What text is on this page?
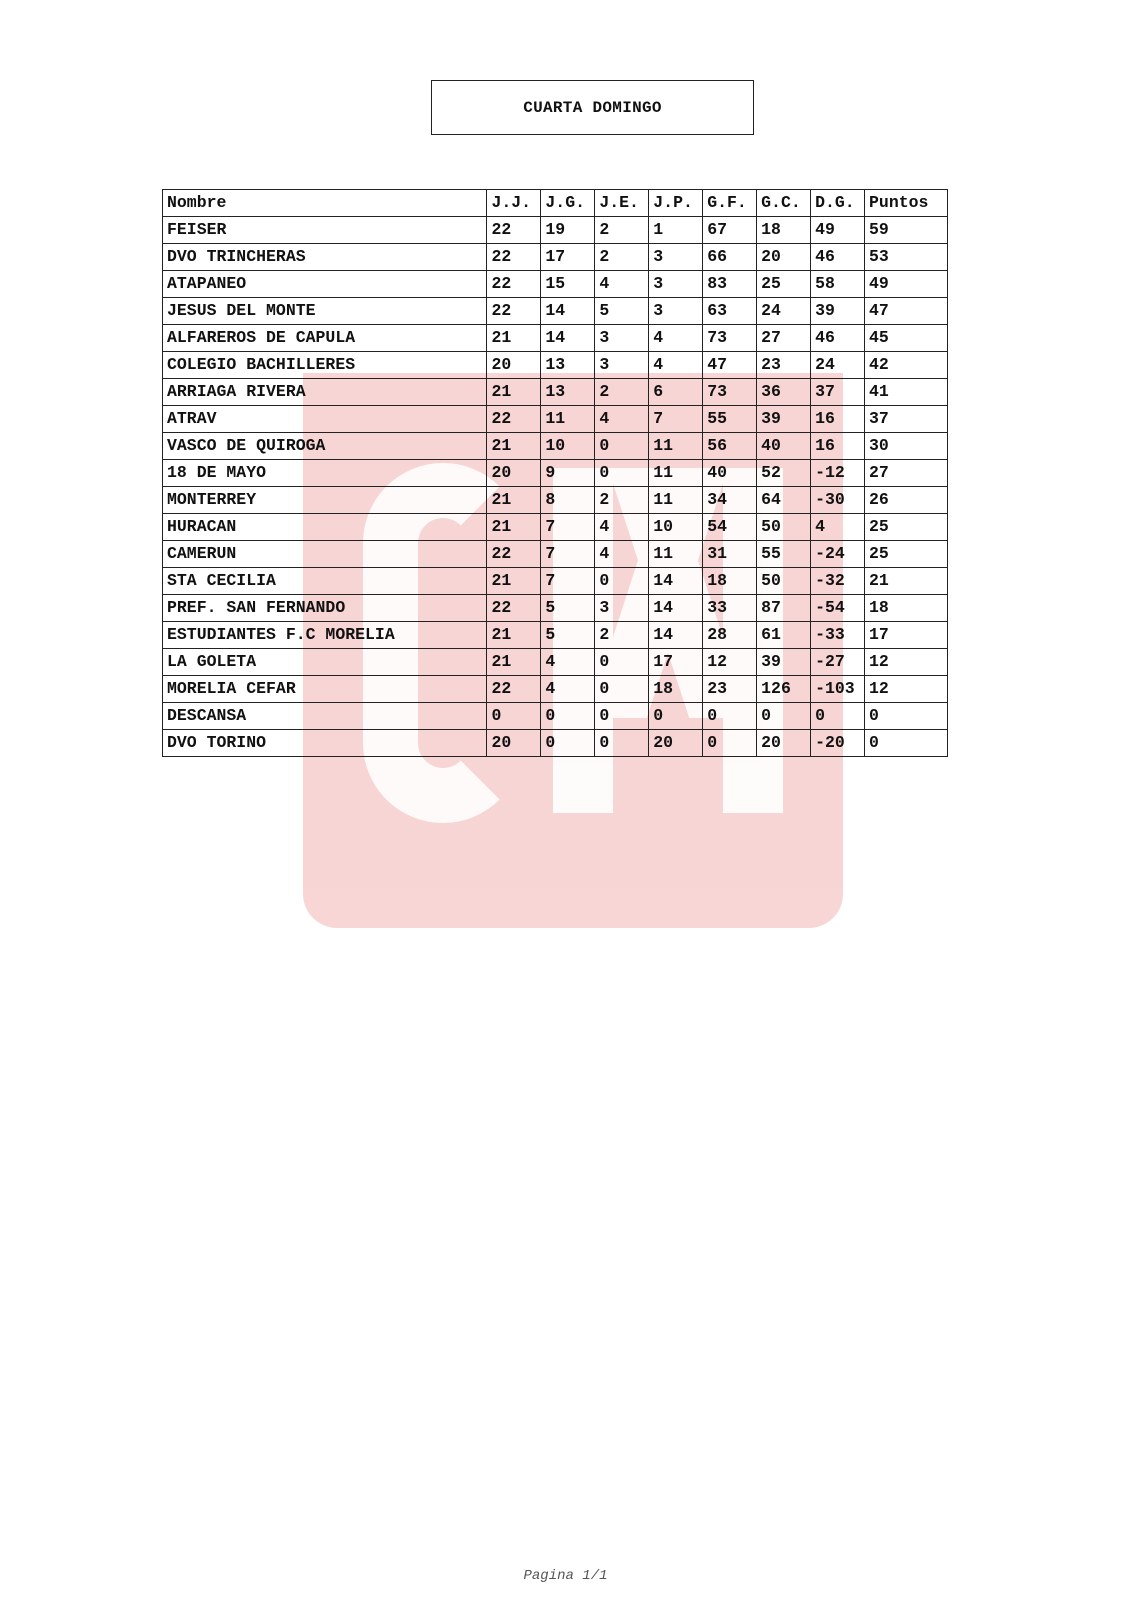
CUARTA DOMINGO
Nombre	J.J.	J.G.	J.E.	J.P.	G.F.	G.C.	D.G.	Puntos
FEISER	22	19	2	1	67	18	49	59
DVO TRINCHERAS	22	17	2	3	66	20	46	53
ATAPANEO	22	15	4	3	83	25	58	49
JESUS DEL MONTE	22	14	5	3	63	24	39	47
ALFAREROS DE CAPULA	21	14	3	4	73	27	46	45
COLEGIO BACHILLERES	20	13	3	4	47	23	24	42
ARRIAGA RIVERA	21	13	2	6	73	36	37	41
ATRAV	22	11	4	7	55	39	16	37
VASCO DE QUIROGA	21	10	0	11	56	40	16	30
18 DE MAYO	20	9	0	11	40	52	-12	27
MONTERREY	21	8	2	11	34	64	-30	26
HURACAN	21	7	4	10	54	50	4	25
CAMERUN	22	7	4	11	31	55	-24	25
STA CECILIA	21	7	0	14	18	50	-32	21
PREF. SAN FERNANDO	22	5	3	14	33	87	-54	18
ESTUDIANTES F.C MORELIA	21	5	2	14	28	61	-33	17
LA GOLETA	21	4	0	17	12	39	-27	12
MORELIA CEFAR	22	4	0	18	23	126	-103	12
DESCANSA	0	0	0	0	0	0	0	0
DVO TORINO	20	0	0	20	0	20	-20	0
Pagina 1/1
